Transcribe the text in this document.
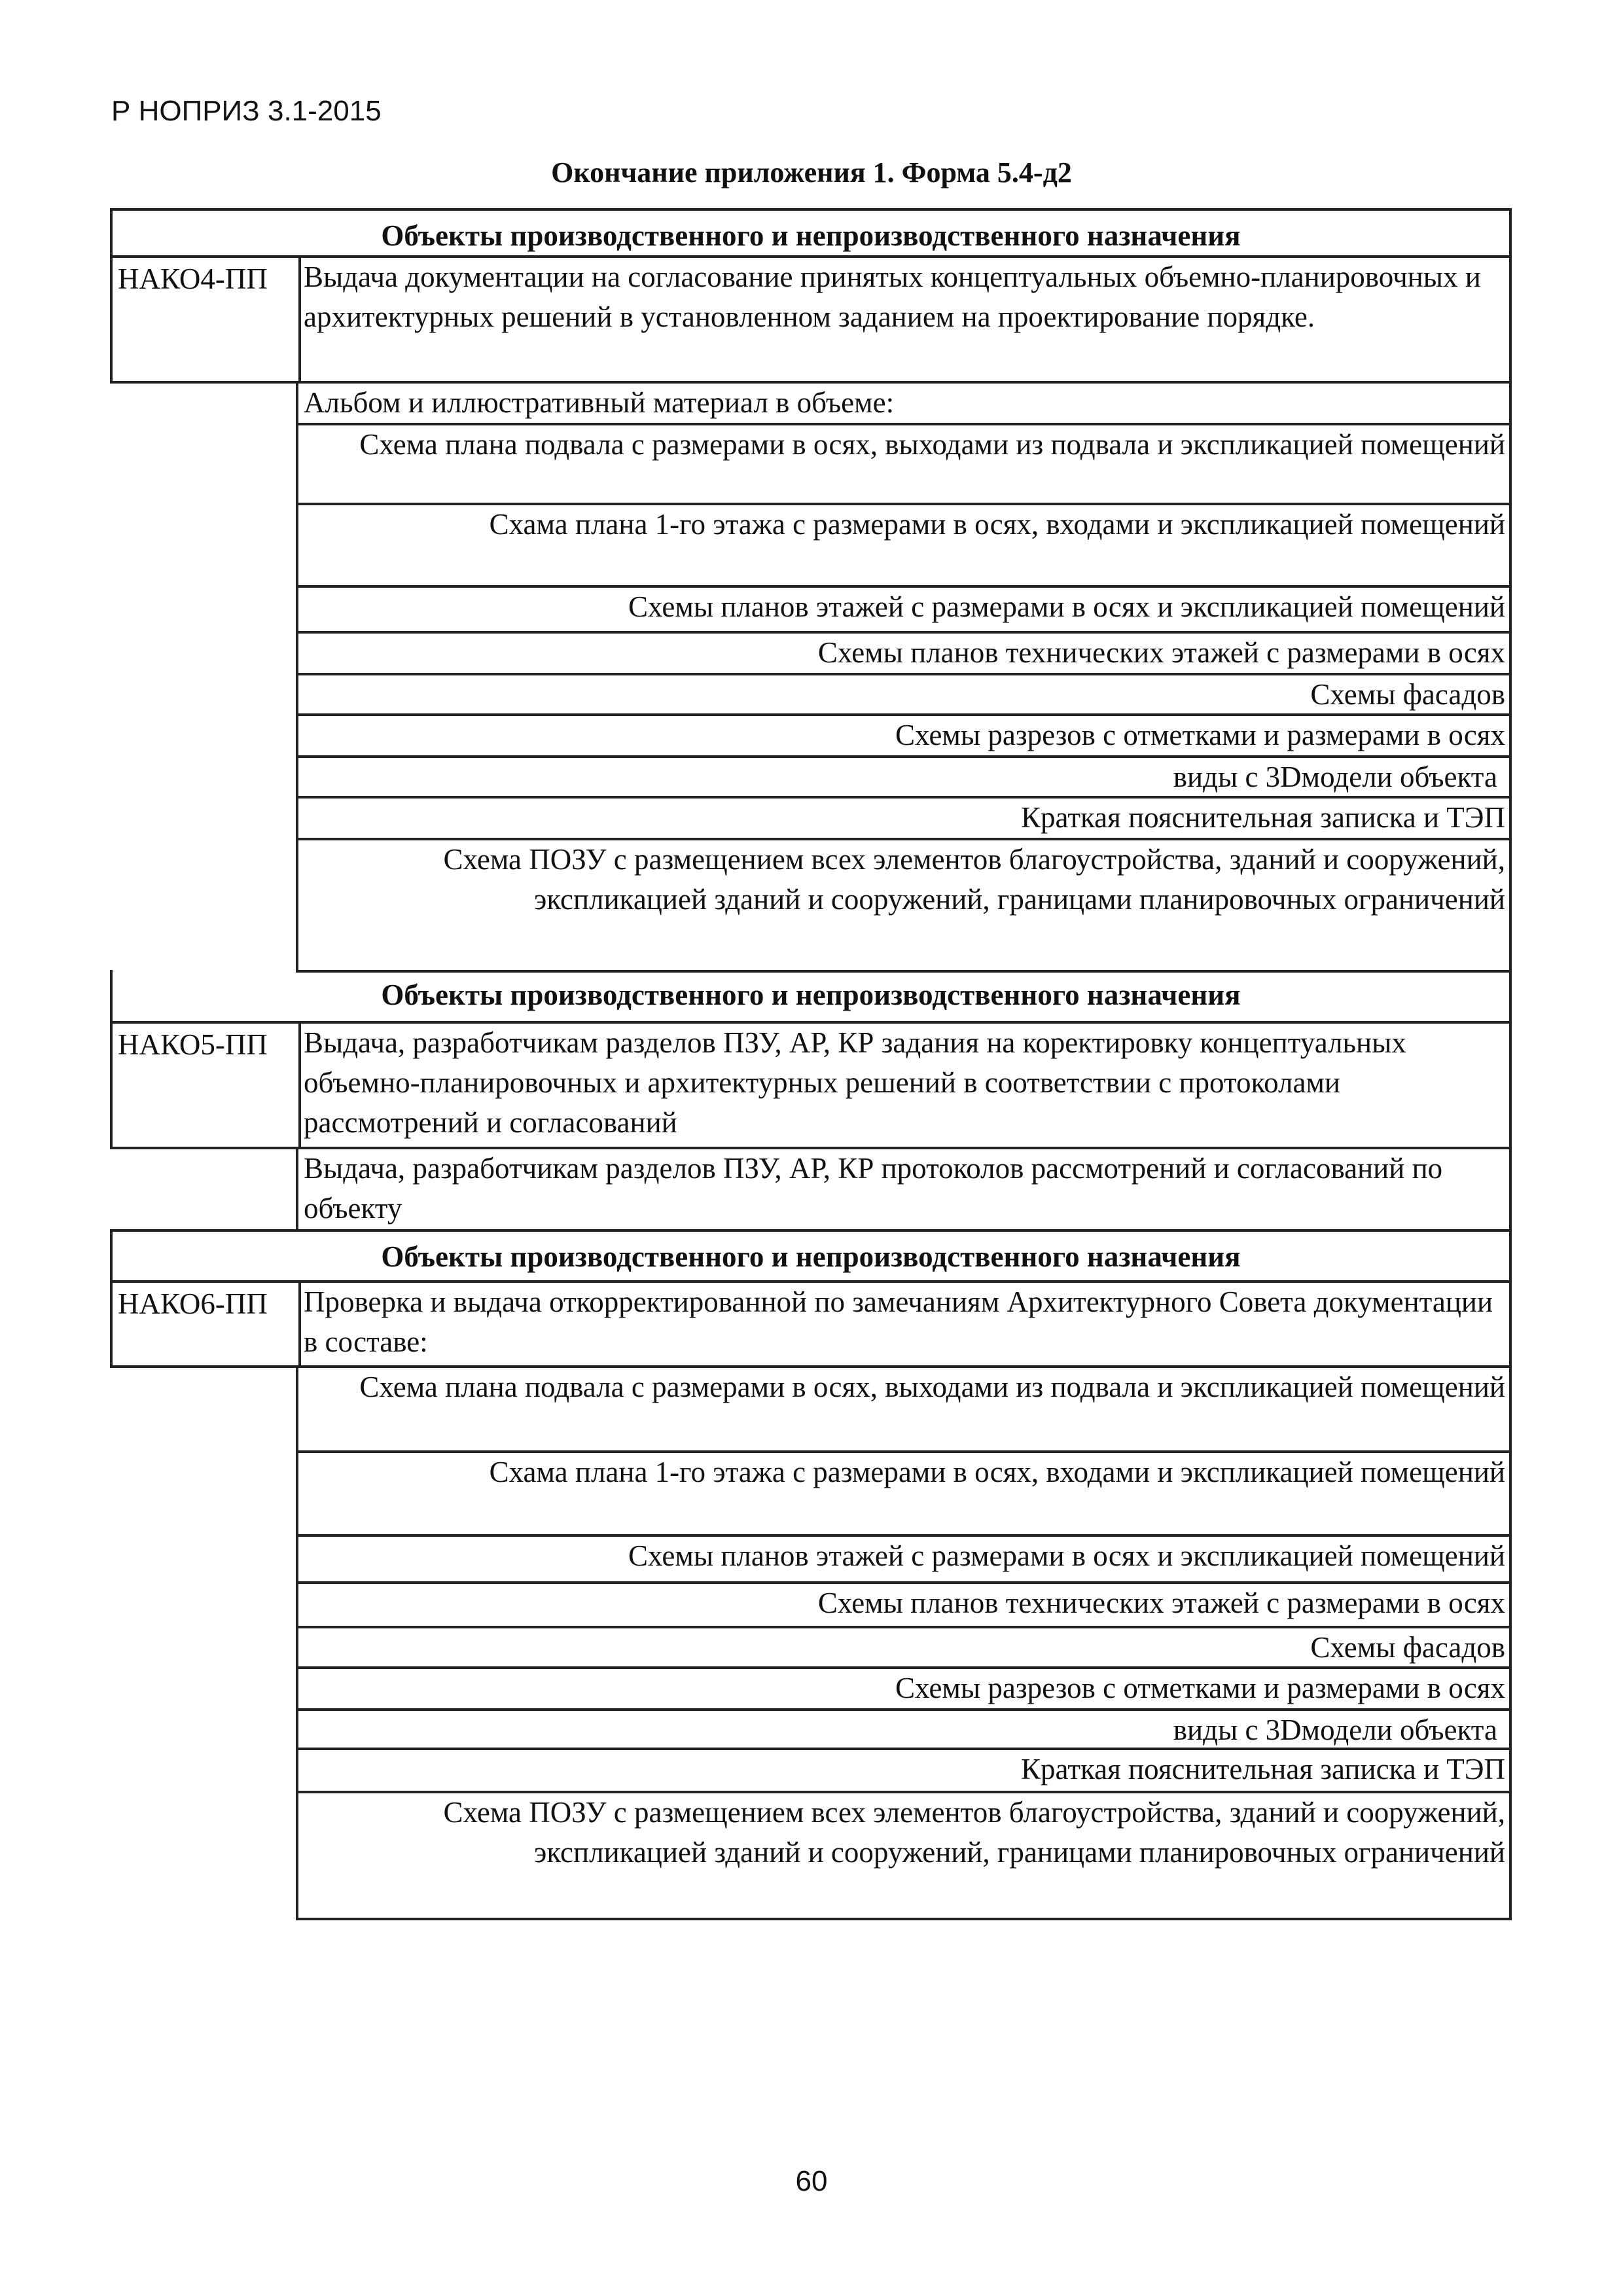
Р НОПРИЗ 3.1-2015
Окончание приложения 1. Форма 5.4-д2
Объекты производственного и непроизводственного назначения
НАКО4-ПП	Выдача документации на согласование принятых концептуальных объемно-планировочных и архитектурных решений в установленном заданием на проектирование порядке.
Альбом и иллюстративный материал в объеме:
Схема плана подвала с размерами в осях, выходами из подвала и экспликацией помещений
Схама плана 1-го этажа с размерами в осях, входами и экспликацией помещений
Схемы планов этажей с размерами в осях и экспликацией помещений
Схемы планов технических этажей с размерами в осях
Схемы фасадов
Схемы разрезов с отметками и размерами в осях
виды с 3Dмодели объекта
Краткая пояснительная записка и ТЭП
Схема ПОЗУ с размещением всех элементов благоустройства, зданий и сооружений, экспликацией зданий и сооружений, границами планировочных ограничений
Объекты производственного и непроизводственного назначения
НАКО5-ПП	Выдача, разработчикам разделов ПЗУ, АР, КР задания на коректировку концептуальных объемно-планировочных и архитектурных решений в соответствии с протоколами рассмотрений и согласований
Выдача, разработчикам разделов ПЗУ, АР, КР протоколов рассмотрений и согласований по объекту
Объекты производственного и непроизводственного назначения
НАКО6-ПП	Проверка и выдача откорректированной по замечаниям Архитектурного Совета документации в составе:
Схема плана подвала с размерами в осях, выходами из подвала и экспликацией помещений
Схама плана 1-го этажа с размерами в осях, входами и экспликацией помещений
Схемы планов этажей с размерами в осях и экспликацией помещений
Схемы планов технических этажей с размерами в осях
Схемы фасадов
Схемы разрезов с отметками и размерами в осях
виды с 3Dмодели объекта
Краткая пояснительная записка и ТЭП
Схема ПОЗУ с размещением всех элементов благоустройства, зданий и сооружений, экспликацией зданий и сооружений, границами планировочных ограничений
60
